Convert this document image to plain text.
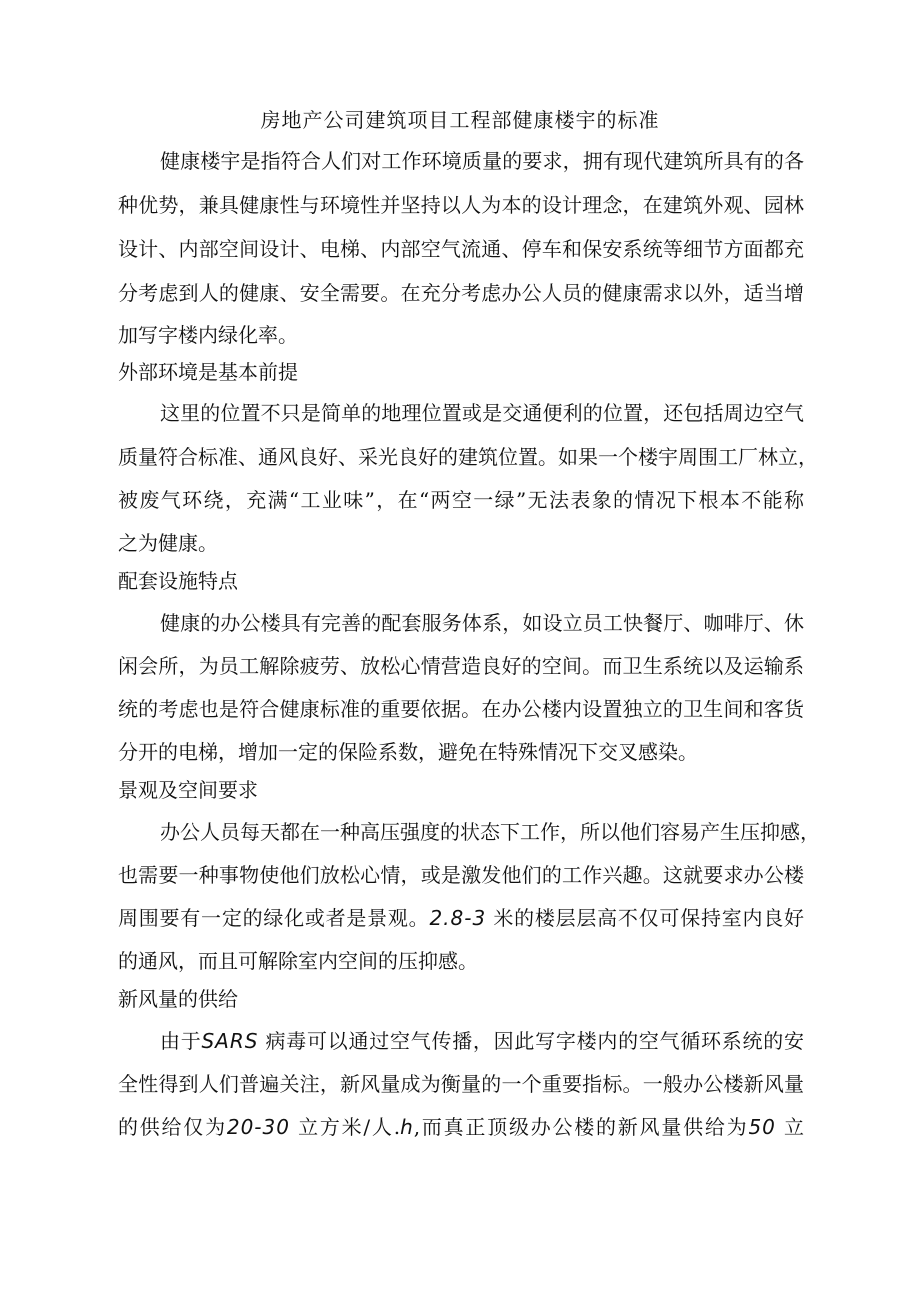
房地产公司建筑项目工程部健康楼宇的标准
健康楼宇是指符合人们对工作环境质量的要求，拥有现代建筑所具有的各
种优势，兼具健康性与环境性并坚持以人为本的设计理念，在建筑外观、园林
设计、内部空间设计、电梯、内部空气流通、停车和保安系统等细节方面都充
分考虑到人的健康、安全需要。在充分考虑办公人员的健康需求以外，适当增
加写字楼内绿化率。
外部环境是基本前提
这里的位置不只是简单的地理位置或是交通便利的位置，还包括周边空气
质量符合标准、通风良好、采光良好的建筑位置。如果一个楼宇周围工厂林立，
被废气环绕，充满“工业味”，在“两空一绿”无法表象的情况下根本不能称
之为健康。
配套设施特点
健康的办公楼具有完善的配套服务体系，如设立员工快餐厅、咖啡厅、休
闲会所，为员工解除疲劳、放松心情营造良好的空间。而卫生系统以及运输系
统的考虑也是符合健康标准的重要依据。在办公楼内设置独立的卫生间和客货
分开的电梯，增加一定的保险系数，避免在特殊情况下交叉感染。
景观及空间要求
办公人员每天都在一种高压强度的状态下工作，所以他们容易产生压抑感，
也需要一种事物使他们放松心情，或是激发他们的工作兴趣。这就要求办公楼
周围要有一定的绿化或者是景观。2.8-3 米的楼层层高不仅可保持室内良好
的通风，而且可解除室内空间的压抑感。
新风量的供给
由于SARS 病毒可以通过空气传播，因此写字楼内的空气循环系统的安
全性得到人们普遍关注，新风量成为衡量的一个重要指标。一般办公楼新风量
的供给仅为20-30 立方米/人.h,而真正顶级办公楼的新风量供给为50 立
